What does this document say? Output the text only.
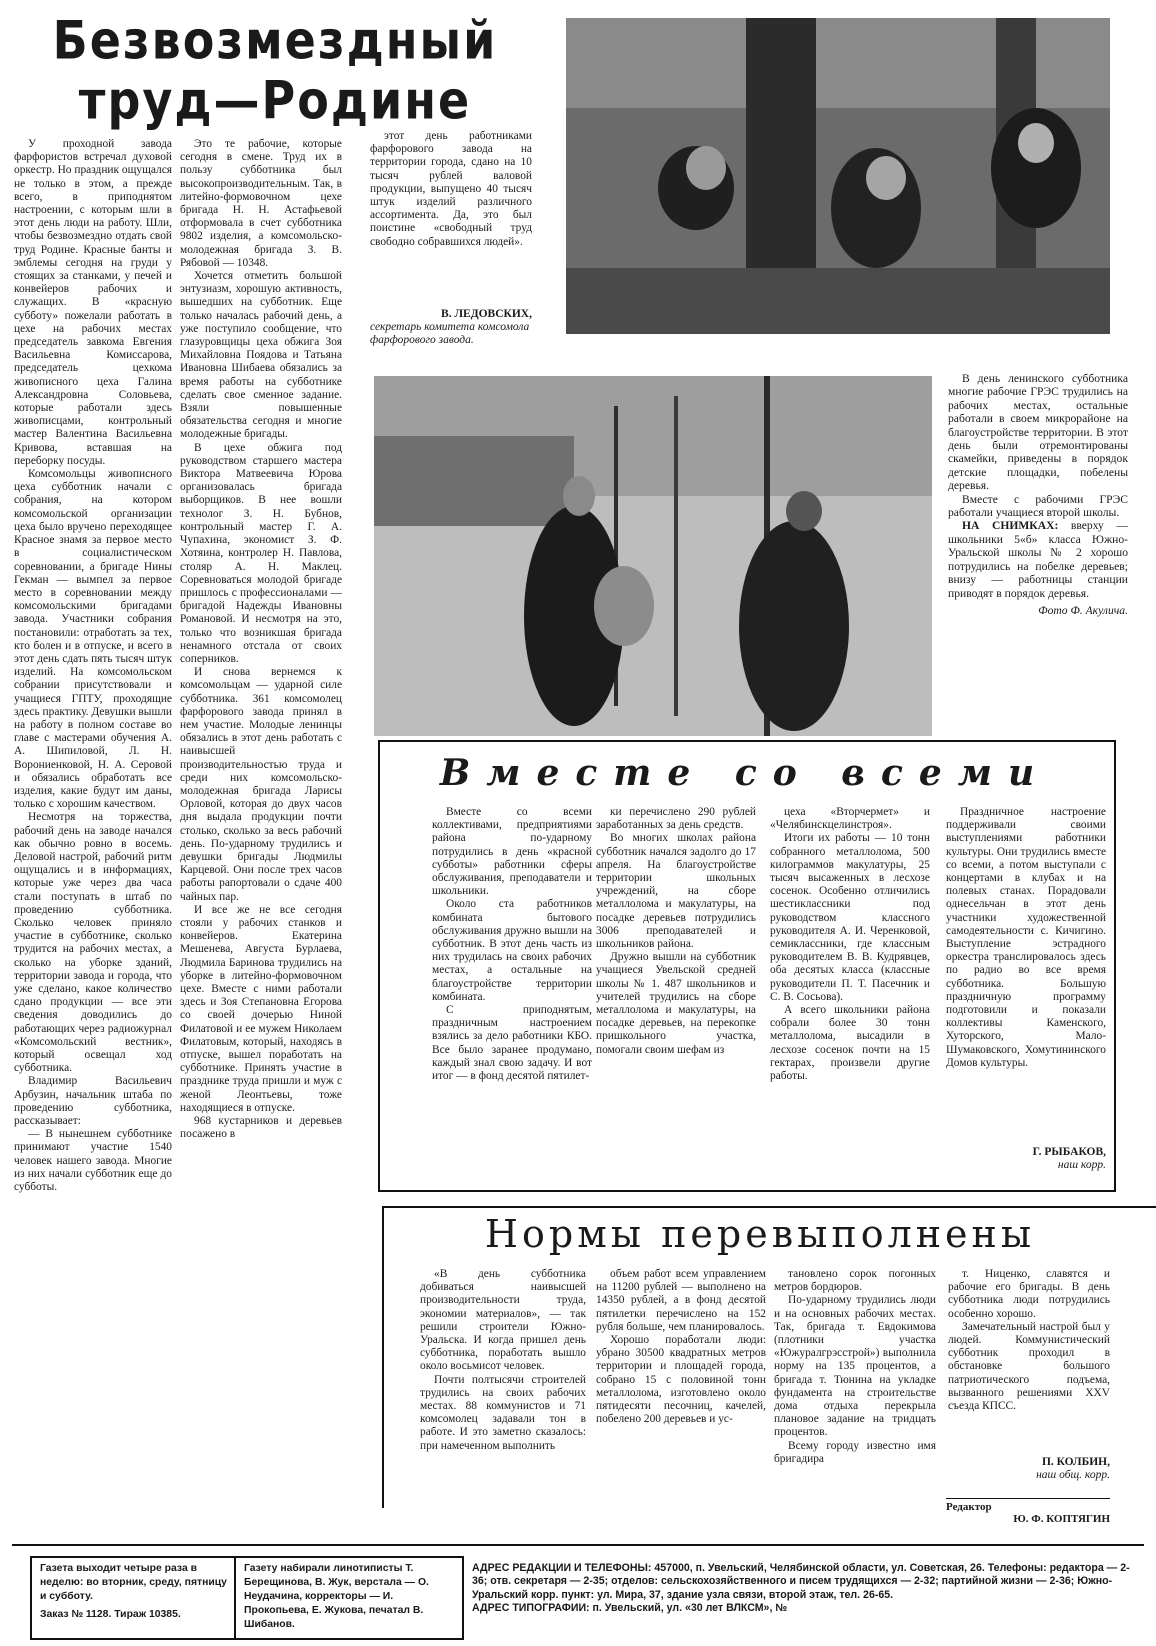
Безвозмездный
труд—Родине

У проходной завода фарфористов встречал духовой оркестр. Но праздник ощущался не только в этом, а прежде всего, в приподнятом настроении, с которым шли в этот день люди на работу. Шли, чтобы безвозмездно отдать свой труд Родине. Красные банты и эмблемы сегодня на груди у стоящих за станками, у печей и конвейеров рабочих и служащих. В «красную субботу» пожелали работать в цехе на рабочих местах председатель завкома Евгения Васильевна Комиссарова, председатель цехкома живописного цеха Галина Александровна Соловьева, которые работали здесь живописцами, контрольный мастер Валентина Васильевна Кривова, вставшая на переборку посуды.

Комсомольцы живописного цеха субботник начали с собрания, на котором комсомольской организации цеха было вручено переходящее Красное знамя за первое место в социалистическом соревновании, а бригаде Нины Гекман — вымпел за первое место в соревновании между комсомольскими бригадами завода. Участники собрания постановили: отработать за тех, кто болен и в отпуске, и всего в этот день сдать пять тысяч штук изделий. На комсомольском собрании присутствовали и учащиеся ГПТУ, проходящие здесь практику. Девушки вышли на работу в полном составе во главе с мастерами обучения А. А. Шипиловой, Л. Н. Ворониенковой, Н. А. Серовой и обязались обработать все изделия, какие будут им даны, только с хорошим качеством.

Несмотря на торжества, рабочий день на заводе начался как обычно ровно в восемь. Деловой настрой, рабочий ритм ощущались и в информациях, которые уже через два часа стали поступать в штаб по проведению субботника. Сколько человек приняло участие в субботнике, сколько трудится на рабочих местах, а сколько на уборке зданий, территории завода и города, что уже сделано, какое количество сдано продукции — все эти сведения доводились до работающих через радиожурнал «Комсомольский вестник», который освещал ход субботника.

Владимир Васильевич Арбузин, начальник штаба по проведению субботника, рассказывает:

— В нынешнем субботнике принимают участие 1540 человек нашего завода. Многие из них начали субботник еще до субботы.

Это те рабочие, которые сегодня в смене. Труд их в пользу субботника был высокопроизводительным. Так, в литейно-формовочном цехе бригада Н. Н. Астафьевой отформовала в счет субботника 9802 изделия, а комсомольско-молодежная бригада З. В. Рябовой — 10348.

Хочется отметить большой энтузиазм, хорошую активность, вышедших на субботник. Еще только началась рабочий день, а уже поступило сообщение, что глазуровщицы цеха обжига Зоя Михайловна Поядова и Татьяна Ивановна Шибаева обязались за время работы на субботнике сделать свое сменное задание. Взяли повышенные обязательства сегодня и многие молодежные бригады.

В цехе обжига под руководством старшего мастера Виктора Матвеевича Юрова организовалась бригада выборщиков. В нее вошли технолог З. Н. Бубнов, контрольный мастер Г. А. Чупахина, экономист З. Ф. Хотяина, контролер Н. Павлова, столяр А. Н. Маклец. Соревноваться молодой бригаде пришлось с профессионалами — бригадой Надежды Ивановны Романовой. И несмотря на это, только что возникшая бригада ненамного отстала от своих соперников.

И снова вернемся к комсомольцам — ударной силе субботника. 361 комсомолец фарфорового завода принял в нем участие. Молодые ленинцы обязались в этот день работать с наивысшей производительностью труда и среди них комсомольско-молодежная бригада Ларисы Орловой, которая до двух часов дня выдала продукции почти столько, сколько за весь рабочий день. По-ударному трудились и девушки бригады Людмилы Карцевой. Они после трех часов работы рапортовали о сдаче 400 чайных пар.

И все же не все сегодня стояли у рабочих станков и конвейеров. Екатерина Мешенева, Августа Бурлаева, Людмила Баринова трудились на уборке в литейно-формовочном цехе. Вместе с ними работали здесь и Зоя Степановна Егорова со своей дочерью Ниной Филатовой и ее мужем Николаем Филатовым, который, находясь в отпуске, вышел поработать на субботнике. Принять участие в празднике труда пришли и муж с женой Леонтьевы, тоже находящиеся в отпуске.

968 кустарников и деревьев посажено в

этот день работниками фарфорового завода на территории города, сдано на 10 тысяч рублей валовой продукции, выпущено 40 тысяч штук изделий различного ассортимента. Да, это был поистине «свободный труд свободно собравшихся людей».

В. ЛЕДОВСКИХ,
секретарь комитета комсомола фарфорового завода.

В день ленинского субботника многие рабочие ГРЭС трудились на рабочих местах, остальные работали в своем микрорайоне на благоустройстве территории. В этот день были отремонтированы скамейки, приведены в порядок детские площадки, побелены деревья.

Вместе с рабочими ГРЭС работали учащиеся второй школы.

НА СНИМКАХ: вверху — школьники 5«б» класса Южно-Уральской школы № 2 хорошо потрудились на побелке деревьев; внизу — работницы станции приводят в порядок деревья.

Фото Ф. Акулича.

Вместе со всеми

Вместе со всеми коллективами, предприятиями района по-ударному потрудились в день «красной субботы» работники сферы обслуживания, преподаватели и школьники.

Около ста работников комбината бытового обслуживания дружно вышли на субботник. В этот день часть из них трудилась на своих рабочих местах, а остальные на благоустройстве территории комбината.

С приподнятым, праздничным настроением взялись за дело работники КБО. Все было заранее продумано, каждый знал свою задачу. И вот итог — в фонд десятой пятилет-

ки перечислено 290 рублей заработанных за день средств.

Во многих школах района субботник начался задолго до 17 апреля. На благоустройстве территории школьных учреждений, на сборе металлолома и макулатуры, на посадке деревьев потрудились 3006 преподавателей и школьников района.

Дружно вышли на субботник учащиеся Увельской средней школы № 1. 487 школьников и учителей трудились на сборе металлолома и макулатуры, на посадке деревьев, на перекопке пришкольного участка, помогали своим шефам из

цеха «Вторчермет» и «Челябинскцелинстроя».

Итоги их работы — 10 тонн собранного металлолома, 500 килограммов макулатуры, 25 тысяч высаженных в лесхозе сосенок. Особенно отличились шестиклассники под руководством классного руководителя А. И. Черенковой, семиклассники, где классным руководителем В. В. Кудрявцев, оба десятых класса (классные руководители П. Т. Пасечник и С. В. Сосьова).

А всего школьники района собрали более 30 тонн металлолома, высадили в лесхозе сосенок почти на 15 гектарах, произвели другие работы.

Праздничное настроение поддерживали своими выступлениями работники культуры. Они трудились вместе со всеми, а потом выступали с концертами в клубах и на полевых станах. Порадовали однесельчан в этот день участники художественной самодеятельности с. Кичигино. Выступление эстрадного оркестра транслировалось здесь по радио во все время субботника. Большую праздничную программу подготовили и показали коллективы Каменского, Хуторского, Мало-Шумаковского, Хомутининского Домов культуры.

Г. РЫБАКОВ,
наш корр.
Нормы перевыполнены

«В день субботника добиваться наивысшей производительности труда, экономии материалов», — так решили строители Южно-Уральска. И когда пришел день субботника, поработать вышло около восьмисот человек.

Почти полтысячи строителей трудились на своих рабочих местах. 88 коммунистов и 71 комсомолец задавали тон в работе. И это заметно сказалось: при намеченном выполнить

объем работ всем управлением на 11200 рублей — выполнено на 14350 рублей, а в фонд десятой пятилетки перечислено на 152 рубля больше, чем планировалось.

Хорошо поработали люди: убрано 30500 квадратных метров территории и площадей города, собрано 15 с половиной тонн металлолома, изготовлено около пятидесяти песочниц, качелей, побелено 200 деревьев и ус-

тановлено сорок погонных метров бордюров.

По-ударному трудились люди и на основных рабочих местах. Так, бригада т. Евдокимова (плотники участка «Южуралгрэсстрой») выполнила норму на 135 процентов, а бригада т. Тюнина на укладке фундамента на строительстве дома отдыха перекрыла плановое задание на тридцать процентов.

Всему городу известно имя бригадира

т. Ниценко, славятся и рабочие его бригады. В день субботника люди потрудились особенно хорошо.

Замечательный настрой был у людей. Коммунистический субботник проходил в обстановке большого патриотического подъема, вызванного решениями XXV съезда КПСС.

П. КОЛБИН,
наш общ. корр.
Редактор
Ю. Ф. КОПТЯГИН
Газета выходит четыре раза в неделю: во вторник, среду, пятницу и субботу.
Заказ № 1128. Тираж 10385.
Газету набирали линотиписты Т. Берещинова, В. Жук, верстала — О. Неудачина, корректоры — И. Прокопьева, Е. Жукова, печатал В. Шибанов.
АДРЕС РЕДАКЦИИ И ТЕЛЕФОНЫ: 457000, п. Увельский, Челябинской области, ул. Советская, 26. Телефоны: редактора — 2-36; отв. секретаря — 2-35; отделов: сельскохозяйственного и писем трудящихся — 2-32; партийной жизни — 2-36; Южно-Уральский корр. пункт: ул. Мира, 37, здание узла связи, второй этаж, тел. 26-65.
АДРЕС ТИПОГРАФИИ: п. Увельский, ул. «30 лет ВЛКСМ», №
